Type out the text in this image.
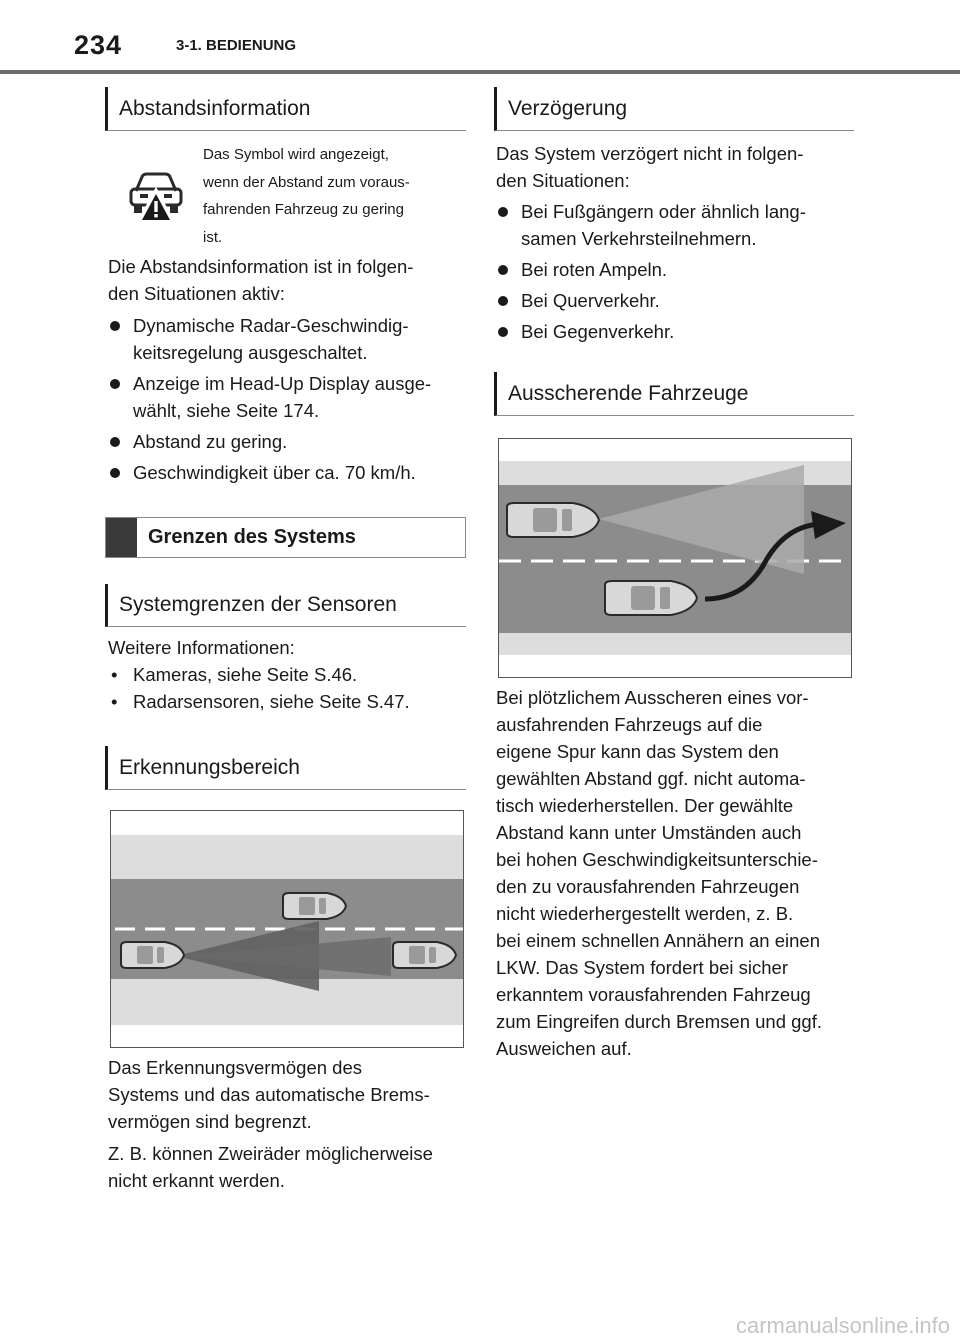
234	3-1. BEDIENUNG
Abstandsinformation
Das Symbol wird angezeigt,
wenn der Abstand zum voraus-
fahrenden Fahrzeug zu gering
ist.
Die Abstandsinformation ist in folgen-
den Situationen aktiv:
Dynamische Radar-Geschwindig-
keitsregelung ausgeschaltet.
Anzeige im Head-Up Display ausge-
wählt, siehe Seite 174.
Abstand zu gering.
Geschwindigkeit über ca. 70 km/h.
Grenzen des Systems
Systemgrenzen der Sensoren
Weitere Informationen:
• Kameras, siehe Seite S.46.
• Radarsensoren, siehe Seite S.47.
Erkennungsbereich
Das Erkennungsvermögen des
Systems und das automatische Brems-
vermögen sind begrenzt.
Z. B. können Zweiräder möglicherweise
nicht erkannt werden.
Verzögerung
Das System verzögert nicht in folgen-
den Situationen:
Bei Fußgängern oder ähnlich lang-
samen Verkehrsteilnehmern.
Bei roten Ampeln.
Bei Querverkehr.
Bei Gegenverkehr.
Ausscherende Fahrzeuge
Bei plötzlichem Ausscheren eines vor-
ausfahrenden Fahrzeugs auf die
eigene Spur kann das System den
gewählten Abstand ggf. nicht automa-
tisch wiederherstellen. Der gewählte
Abstand kann unter Umständen auch
bei hohen Geschwindigkeitsunterschie-
den zu vorausfahrenden Fahrzeugen
nicht wiederhergestellt werden, z. B.
bei einem schnellen Annähern an einen
LKW. Das System fordert bei sicher
erkanntem vorausfahrenden Fahrzeug
zum Eingreifen durch Bremsen und ggf.
Ausweichen auf.
carmanualsonline.info
